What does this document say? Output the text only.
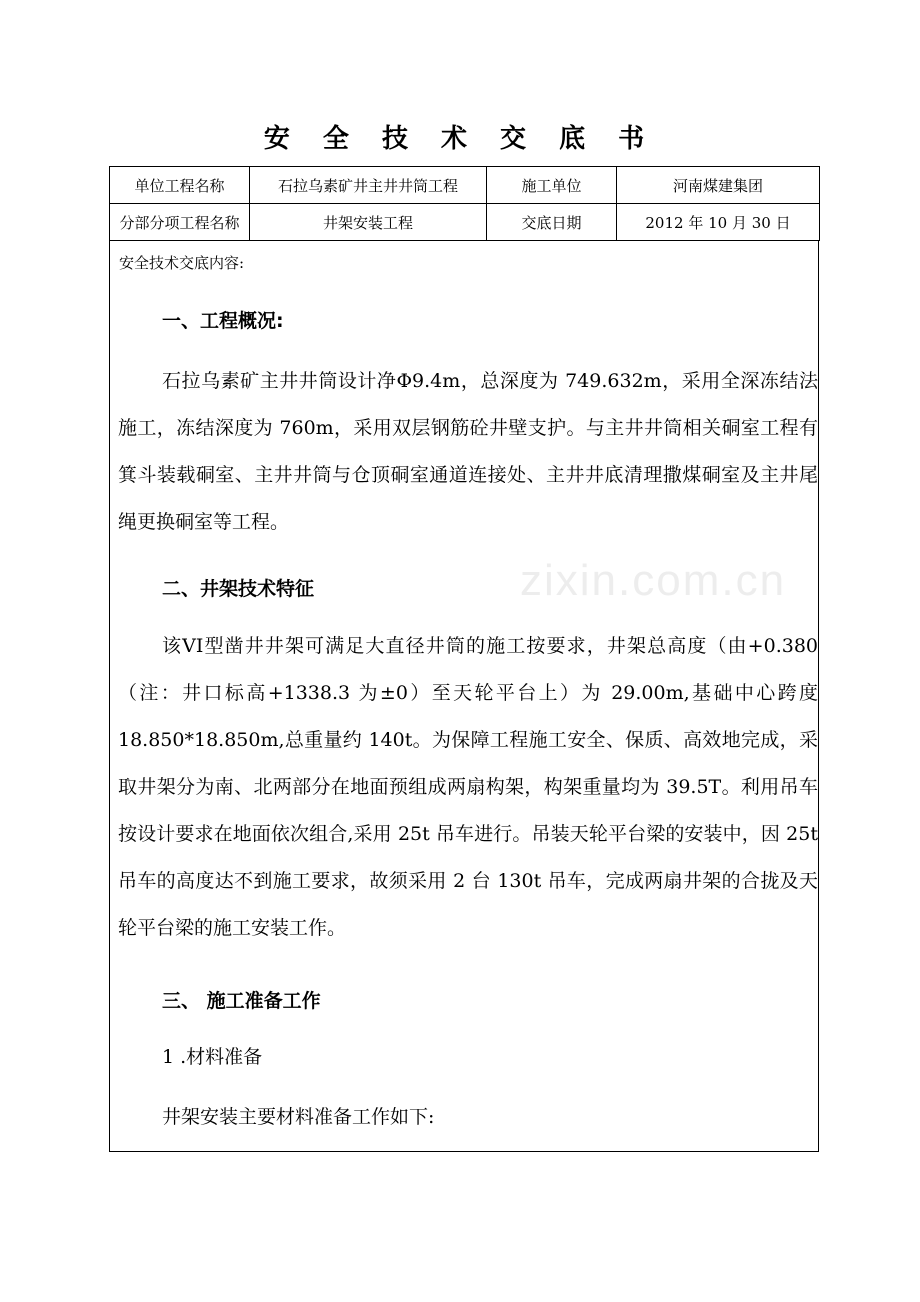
安 全 技 术 交 底 书
单位工程名称	石拉乌素矿井主井井筒工程	施工单位	河南煤建集团
分部分项工程名称	井架安装工程	交底日期	2012 年 10 月 30 日
安全技术交底内容:
一、工程概况:
石拉乌素矿主井井筒设计净Φ9.4m，总深度为 749.632m，采用全深冻结法施工，冻结深度为 760m，采用双层钢筋砼井壁支护。与主井井筒相关硐室工程有箕斗装载硐室、主井井筒与仓顶硐室通道连接处、主井井底清理撒煤硐室及主井尾绳更换硐室等工程。
二、井架技术特征
该VI型凿井井架可满足大直径井筒的施工按要求，井架总高度（由+0.380（注：井口标高+1338.3 为±0）至天轮平台上）为 29.00m,基础中心跨度 18.850*18.850m,总重量约 140t。为保障工程施工安全、保质、高效地完成，采取井架分为南、北两部分在地面预组成两扇构架，构架重量均为 39.5T。利用吊车按设计要求在地面依次组合,采用 25t 吊车进行。吊装天轮平台梁的安装中，因 25t 吊车的高度达不到施工要求，故须采用 2 台 130t 吊车，完成两扇井架的合拢及天轮平台梁的施工安装工作。
三、 施工准备工作
1 .材料准备
井架安装主要材料准备工作如下:
zixin.com.cn
